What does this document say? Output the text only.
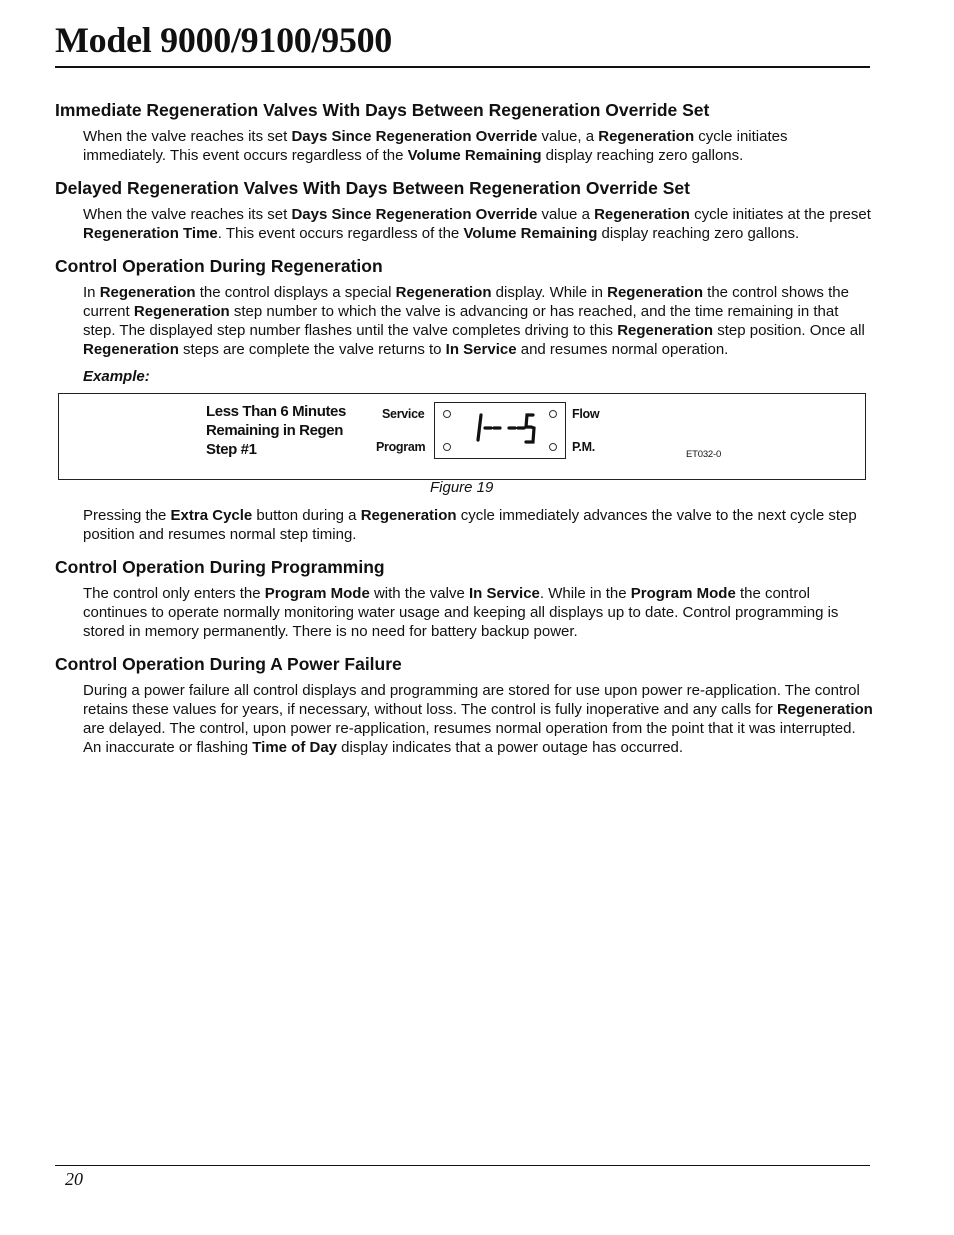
Model 9000/9100/9500
Immediate Regeneration Valves With Days Between Regeneration Override Set

When the valve reaches its set Days Since Regeneration Override value, a Regeneration cycle initiates immediately. This event occurs regardless of the Volume Remaining display reaching zero gallons.

Delayed Regeneration Valves With Days Between Regeneration Override Set

When the valve reaches its set Days Since Regeneration Override value a Regeneration cycle initiates at the preset Regeneration Time. This event occurs regardless of the Volume Remaining display reaching zero gallons.

Control Operation During Regeneration

In Regeneration the control displays a special Regeneration display. While in Regeneration the control shows the current Regeneration step number to which the valve is advancing or has reached, and the time remaining in that step. The displayed step number flashes until the valve completes driving to this Regeneration step position. Once all Regeneration steps are complete the valve returns to In Service and resumes normal operation.

Example:
Less Than 6 Minutes
Remaining in Regen
Step #1
Service
Program
Flow
P.M.
ET032-0
Figure 19

Pressing the Extra Cycle button during a Regeneration cycle immediately advances the valve to the next cycle step position and resumes normal step timing.

Control Operation During Programming

The control only enters the Program Mode with the valve In Service. While in the Program Mode the control continues to operate normally monitoring water usage and keeping all displays up to date. Control programming is stored in memory permanently. There is no need for battery backup power.

Control Operation During A Power Failure

During a power failure all control displays and programming are stored for use upon power re-application. The control retains these values for years, if necessary, without loss. The control is fully inoperative and any calls for Regeneration are delayed. The control, upon power re-application, resumes normal operation from the point that it was interrupted. An inaccurate or flashing Time of Day display indicates that a power outage has occurred.

20
